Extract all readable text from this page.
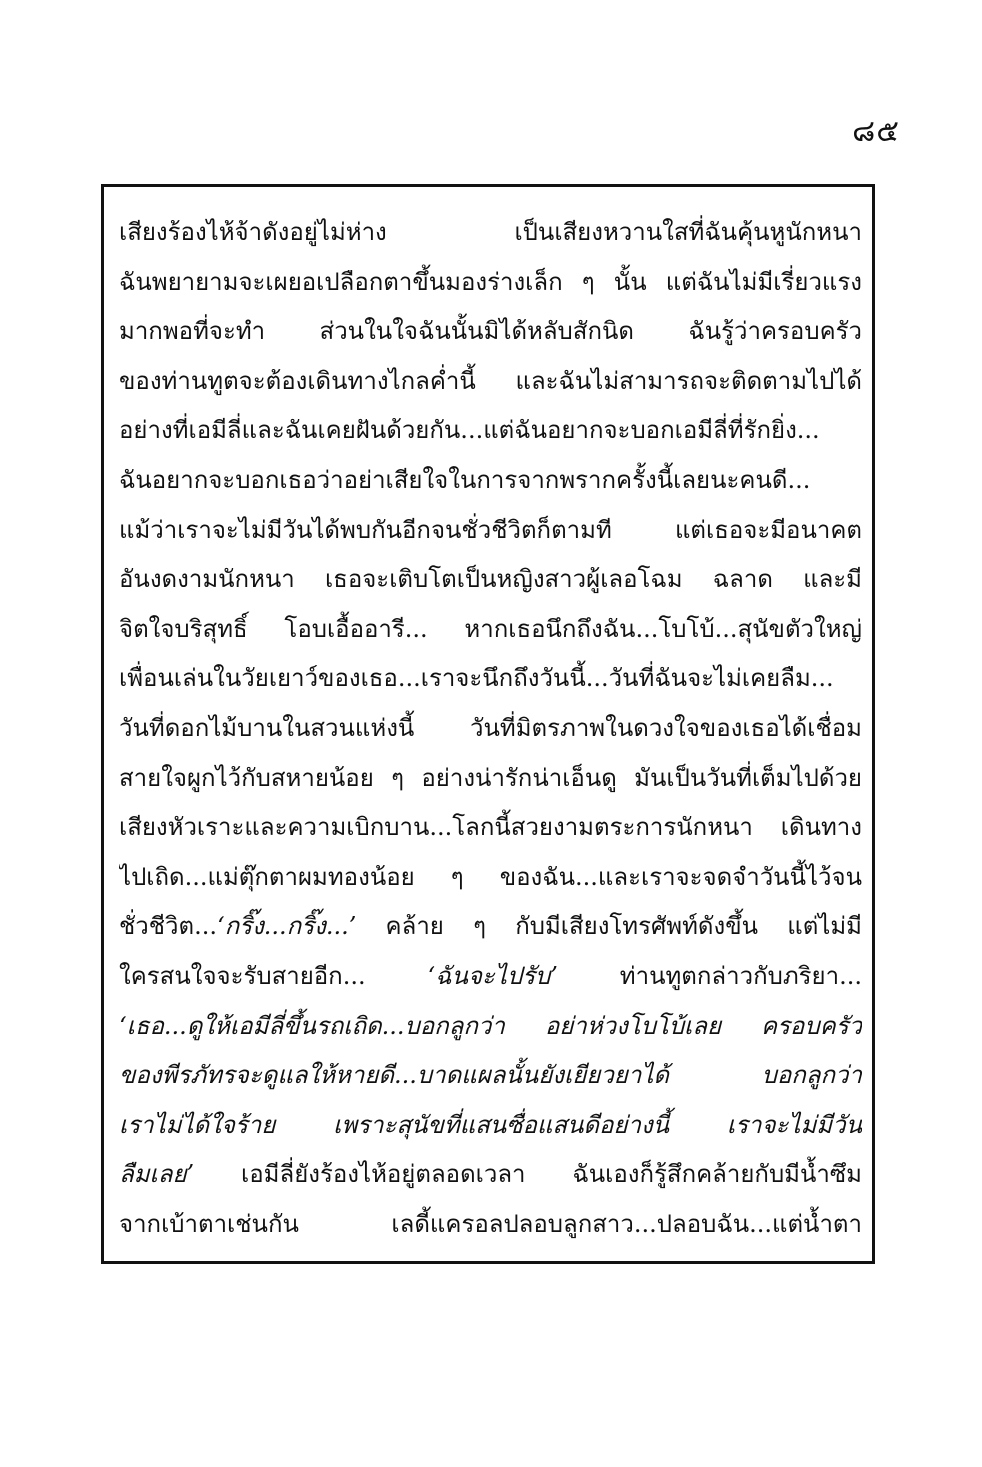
๘๕
เสียงร้องไห้จ้าดังอยู่ไม่ห่าง เป็นเสียงหวานใสที่ฉันคุ้นหูนักหนา
ฉันพยายามจะเผยอเปลือกตาขึ้นมองร่างเล็ก ๆ นั้น แต่ฉันไม่มีเรี่ยวแรง
มากพอที่จะทำ ส่วนในใจฉันนั้นมิได้หลับสักนิด ฉันรู้ว่าครอบครัว
ของท่านทูตจะต้องเดินทางไกลค่ำนี้ และฉันไม่สามารถจะติดตามไปได้
อย่างที่เอมีลี่และฉันเคยฝันด้วยกัน...แต่ฉันอยากจะบอกเอมีลี่ที่รักยิ่ง...
ฉันอยากจะบอกเธอว่าอย่าเสียใจในการจากพรากครั้งนี้เลยนะคนดี...
แม้ว่าเราจะไม่มีวันได้พบกันอีกจนชั่วชีวิตก็ตามที แต่เธอจะมีอนาคต
อันงดงามนักหนา เธอจะเติบโตเป็นหญิงสาวผู้เลอโฉม ฉลาด และมี
จิตใจบริสุทธิ์ โอบเอื้ออารี... หากเธอนึกถึงฉัน...โบโบ้...สุนัขตัวใหญ่
เพื่อนเล่นในวัยเยาว์ของเธอ...เราจะนึกถึงวันนี้...วันที่ฉันจะไม่เคยลืม...
วันที่ดอกไม้บานในสวนแห่งนี้ วันที่มิตรภาพในดวงใจของเธอได้เชื่อม
สายใจผูกไว้กับสหายน้อย ๆ อย่างน่ารักน่าเอ็นดู มันเป็นวันที่เต็มไปด้วย
เสียงหัวเราะและความเบิกบาน...โลกนี้สวยงามตระการนักหนา เดินทาง
ไปเถิด...แม่ตุ๊กตาผมทองน้อย ๆ ของฉัน...และเราจะจดจำวันนี้ไว้จน
ชั่วชีวิต...‘กริ๊ง...กริ๊ง...’ คล้าย ๆ กับมีเสียงโทรศัพท์ดังขึ้น แต่ไม่มี
ใครสนใจจะรับสายอีก... ‘ฉันจะไปรับ’ ท่านทูตกล่าวกับภริยา...
‘เธอ...ดูให้เอมีลี่ขึ้นรถเถิด...บอกลูกว่า อย่าห่วงโบโบ้เลย ครอบครัว
ของพีรภัทรจะดูแลให้หายดี...บาดแผลนั้นยังเยียวยาได้ บอกลูกว่า
เราไม่ได้ใจร้าย เพราะสุนัขที่แสนซื่อแสนดีอย่างนี้ เราจะไม่มีวัน
ลืมเลย’ เอมีลี่ยังร้องไห้อยู่ตลอดเวลา ฉันเองก็รู้สึกคล้ายกับมีน้ำซึม
จากเบ้าตาเช่นกัน เลดี้แครอลปลอบลูกสาว...ปลอบฉัน...แต่น้ำตา
